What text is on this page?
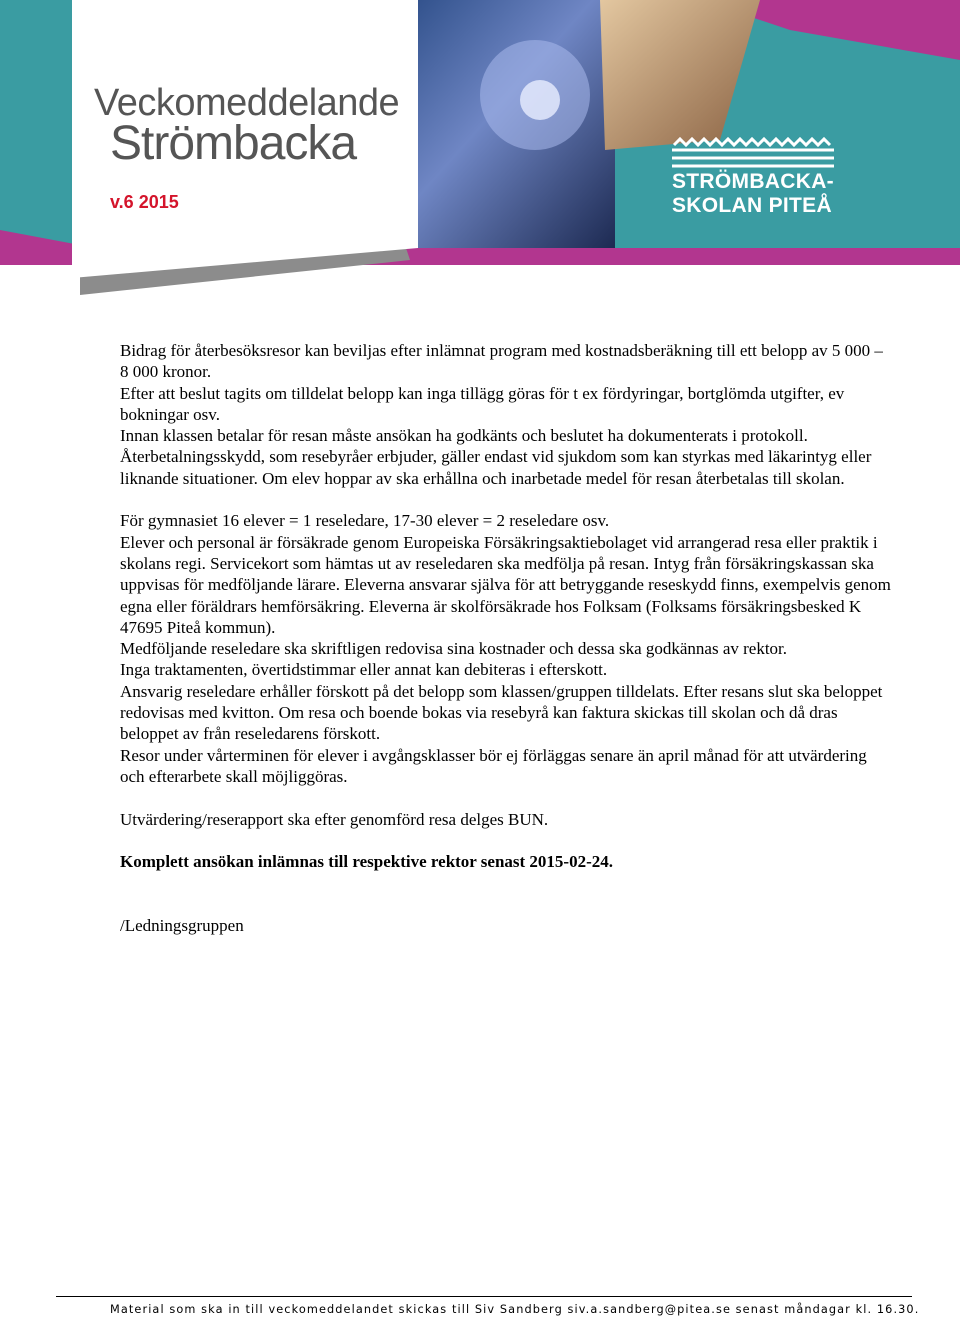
Veckomeddelande
Strömbacka
v.6 2015
STRÖMBACKA-
SKOLAN PITEÅ

Bidrag för återbesöksresor kan beviljas efter inlämnat program med kostnadsberäkning till ett belopp av 5 000 – 8 000 kronor.

Efter att beslut tagits om tilldelat belopp kan inga tillägg göras för t ex fördyringar, bortglömda utgifter, ev bokningar osv.

Innan klassen betalar för resan måste ansökan ha godkänts och beslutet ha dokumenterats i protokoll.

Återbetalningsskydd, som resebyråer erbjuder, gäller endast vid sjukdom som kan styrkas med läkarintyg eller liknande situationer. Om elev hoppar av ska erhållna och inarbetade medel för resan återbetalas till skolan.

För gymnasiet 16 elever = 1 reseledare, 17-30 elever = 2 reseledare osv.

Elever och personal är försäkrade genom Europeiska Försäkringsaktiebolaget vid arrangerad resa eller praktik i skolans regi. Servicekort som hämtas ut av reseledaren ska medfölja på resan. Intyg från försäkringskassan ska uppvisas för medföljande lärare. Eleverna ansvarar själva för att betryggande reseskydd finns, exempelvis genom egna eller föräldrars hemförsäkring. Eleverna är skolförsäkrade hos Folksam (Folksams försäkringsbesked K 47695 Piteå kommun).

Medföljande reseledare ska skriftligen redovisa sina kostnader och dessa ska godkännas av rektor.

Inga traktamenten, övertidstimmar eller annat kan debiteras i efterskott.

Ansvarig reseledare erhåller förskott på det belopp som klassen/gruppen tilldelats. Efter resans slut ska beloppet redovisas med kvitton. Om resa och boende bokas via resebyrå kan faktura skickas till skolan och då dras beloppet av från reseledarens förskott.

Resor under vårterminen för elever i avgångsklasser bör ej förläggas senare än april månad för att utvärdering och efterarbete skall möjliggöras.

Utvärdering/reserapport ska efter genomförd resa delges BUN.

Komplett ansökan inlämnas till respektive rektor senast 2015-02-24.

/Ledningsgruppen

Material som ska in till veckomeddelandet skickas till Siv Sandberg siv.a.sandberg@pitea.se senast måndagar kl. 16.30.
